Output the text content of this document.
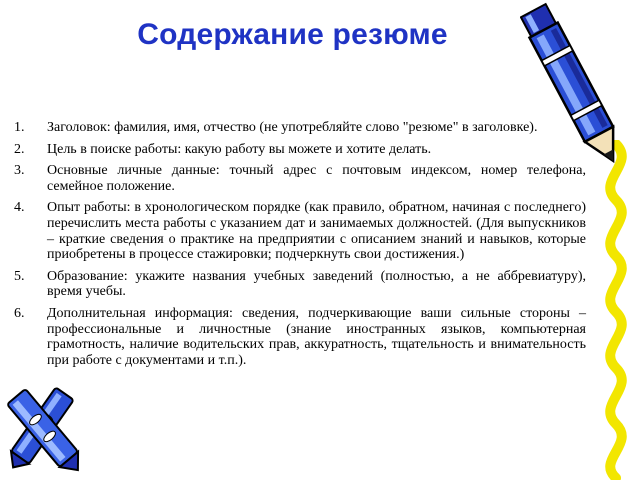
Содержание резюме
1. Заголовок: фамилия, имя, отчество (не употребляйте слово "резюме" в заголовке).
2. Цель в поиске работы: какую работу вы можете и хотите делать.
3. Основные личные данные: точный адрес с почтовым индексом, номер телефона, семейное положение.
4. Опыт работы: в хронологическом порядке (как правило, обратном, начиная с последнего) перечислить места работы с указанием дат и занимаемых должностей. (Для выпускников – краткие сведения о практике на предприятии с описанием знаний и навыков, которые приобретены в процессе стажировки; подчеркнуть свои достижения.)
5. Образование: укажите названия учебных заведений (полностью, а не аббревиатуру), время учебы.
6. Дополнительная информация: сведения, подчеркивающие ваши сильные стороны – профессиональные и личностные (знание иностранных языков, компьютерная грамотность, наличие водительских прав, аккуратность, тщательность и внимательность при работе с документами и т.п.).
